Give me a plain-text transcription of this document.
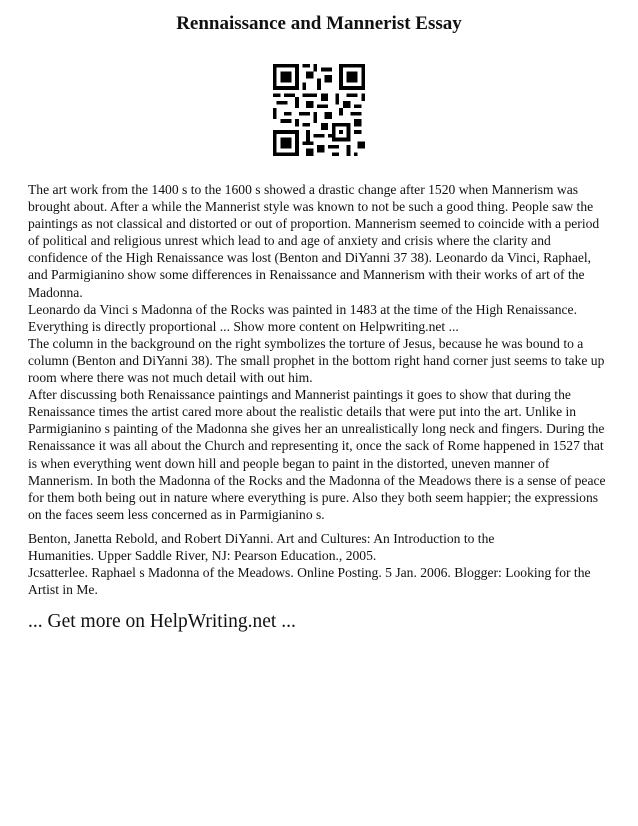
Rennaissance and Mannerist Essay

The art work from the 1400 s to the 1600 s showed a drastic change after 1520 when Mannerism was brought about. After a while the Mannerist style was known to not be such a good thing. People saw the paintings as not classical and distorted or out of proportion. Mannerism seemed to coincide with a period of political and religious unrest which lead to and age of anxiety and crisis where the clarity and confidence of the High Renaissance was lost (Benton and DiYanni 37 38). Leonardo da Vinci, Raphael, and Parmigianino show some differences in Renaissance and Mannerism with their works of art of the Madonna.

Leonardo da Vinci s Madonna of the Rocks was painted in 1483 at the time of the High Renaissance. Everything is directly proportional ... Show more content on Helpwriting.net ...

The column in the background on the right symbolizes the torture of Jesus, because he was bound to a column (Benton and DiYanni 38). The small prophet in the bottom right hand corner just seems to take up room where there was not much detail with out him.

After discussing both Renaissance paintings and Mannerist paintings it goes to show that during the Renaissance times the artist cared more about the realistic details that were put into the art. Unlike in Parmigianino s painting of the Madonna she gives her an unrealistically long neck and fingers. During the Renaissance it was all about the Church and representing it, once the sack of Rome happened in 1527 that is when everything went down hill and people began to paint in the distorted, uneven manner of Mannerism. In both the Madonna of the Rocks and the Madonna of the Meadows there is a sense of peace for them both being out in nature where everything is pure. Also they both seem happier; the expressions on the faces seem less concerned as in Parmigianino s.

Benton, Janetta Rebold, and Robert DiYanni. Art and Cultures: An Introduction to the

Humanities. Upper Saddle River, NJ: Pearson Education., 2005.

Jcsatterlee. Raphael s Madonna of the Meadows. Online Posting. 5 Jan. 2006. Blogger: Looking for the Artist in Me.

... Get more on HelpWriting.net ...
